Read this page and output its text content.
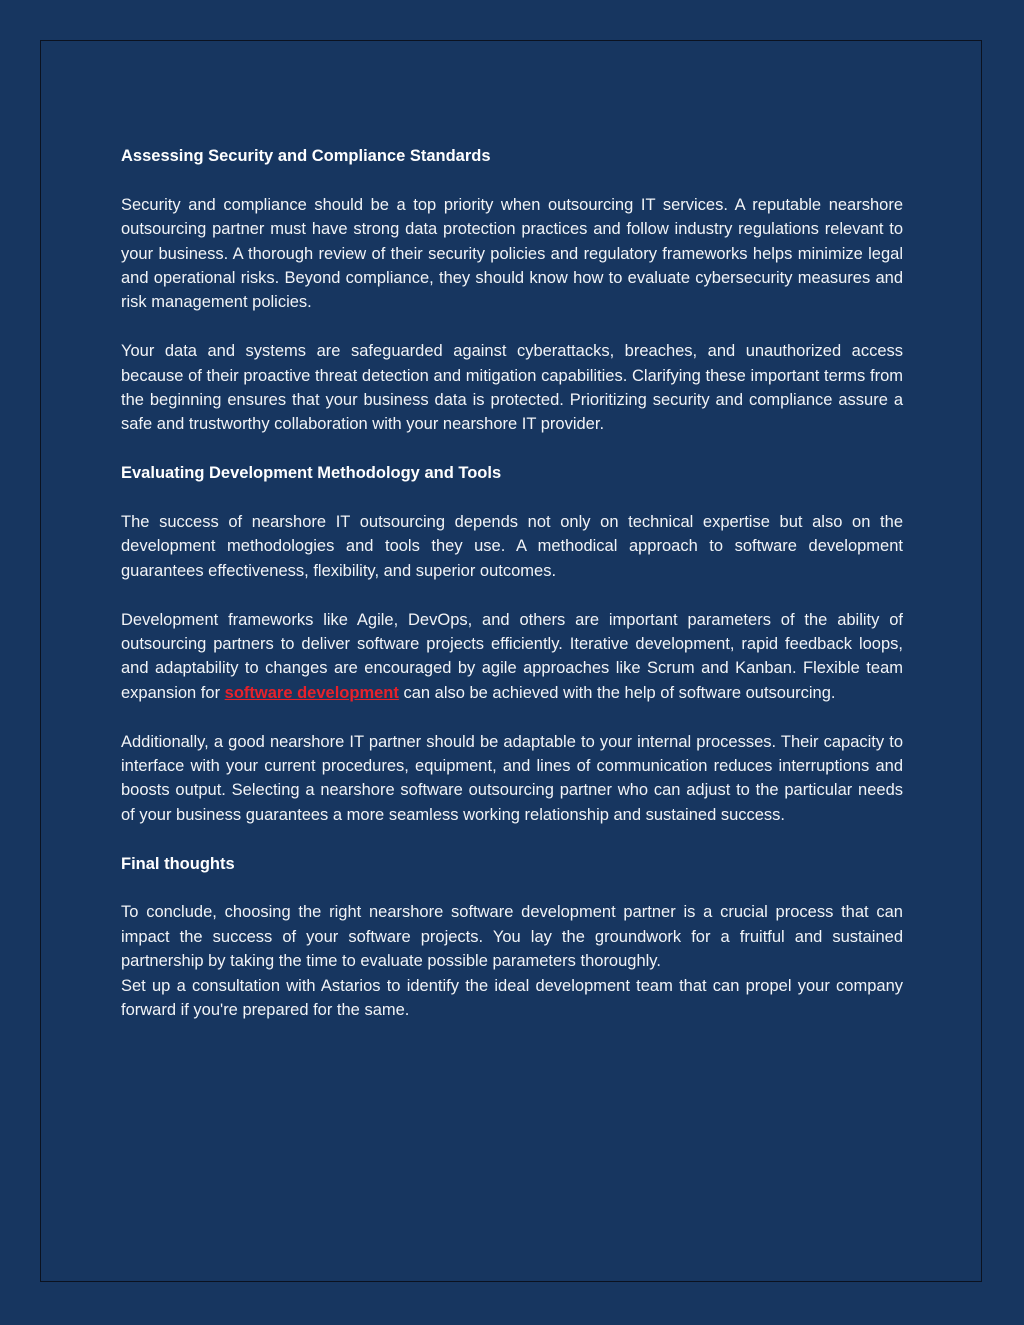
Assessing Security and Compliance Standards

Security and compliance should be a top priority when outsourcing IT services. A reputable nearshore outsourcing partner must have strong data protection practices and follow industry regulations relevant to your business. A thorough review of their security policies and regulatory frameworks helps minimize legal and operational risks. Beyond compliance, they should know how to evaluate cybersecurity measures and risk management policies.

Your data and systems are safeguarded against cyberattacks, breaches, and unauthorized access because of their proactive threat detection and mitigation capabilities. Clarifying these important terms from the beginning ensures that your business data is protected. Prioritizing security and compliance assure a safe and trustworthy collaboration with your nearshore IT provider.

Evaluating Development Methodology and Tools

The success of nearshore IT outsourcing depends not only on technical expertise but also on the development methodologies and tools they use. A methodical approach to software development guarantees effectiveness, flexibility, and superior outcomes.

Development frameworks like Agile, DevOps, and others are important parameters of the ability of outsourcing partners to deliver software projects efficiently. Iterative development, rapid feedback loops, and adaptability to changes are encouraged by agile approaches like Scrum and Kanban. Flexible team expansion for software development can also be achieved with the help of software outsourcing.

Additionally, a good nearshore IT partner should be adaptable to your internal processes. Their capacity to interface with your current procedures, equipment, and lines of communication reduces interruptions and boosts output. Selecting a nearshore software outsourcing partner who can adjust to the particular needs of your business guarantees a more seamless working relationship and sustained success.

Final thoughts

To conclude, choosing the right nearshore software development partner is a crucial process that can impact the success of your software projects. You lay the groundwork for a fruitful and sustained partnership by taking the time to evaluate possible parameters thoroughly.

Set up a consultation with Astarios to identify the ideal development team that can propel your company forward if you're prepared for the same.
